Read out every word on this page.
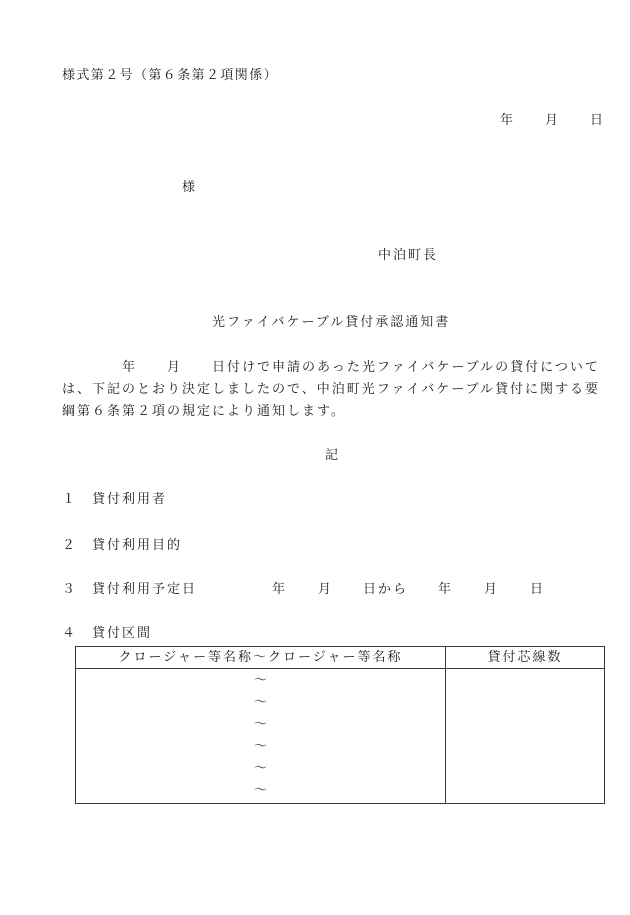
様式第２号（第６条第２項関係）
年　　月　　日
様
中泊町長
光ファイバケーブル貸付承認通知書
　　　　年　　月　　日付けで申請のあった光ファイバケーブルの貸付について
は、下記のとおり決定しましたので、中泊町光ファイバケーブル貸付に関する要
綱第６条第２項の規定により通知します。
記
１ 貸付利用者
２ 貸付利用目的
３ 貸付利用予定日	年 月 日から 年 月 日
４ 貸付区間
クロージャー等名称～クロージャー等名称	貸付芯線数
～
～
～
～
～
～
